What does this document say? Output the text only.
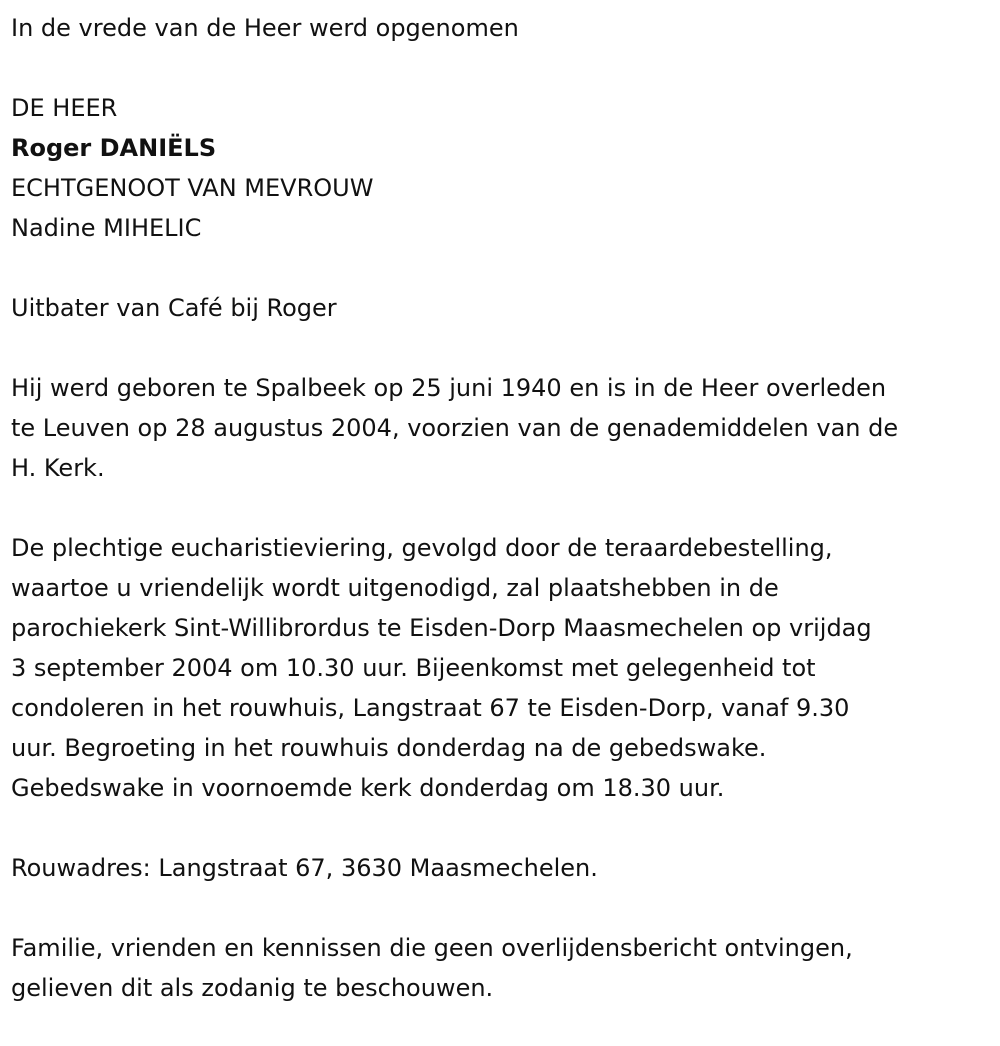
In de vrede van de Heer werd opgenomen

DE HEER

Roger DANIËLS

ECHTGENOOT VAN MEVROUW

Nadine MIHELIC

Uitbater van Café bij Roger

Hij werd geboren te Spalbeek op 25 juni 1940 en is in de Heer overleden
te Leuven op 28 augustus 2004, voorzien van de genademiddelen van de
H. Kerk.
De plechtige eucharistieviering, gevolgd door de teraardebestelling,
waartoe u vriendelijk wordt uitgenodigd, zal plaatshebben in de
parochiekerk Sint-Willibrordus te Eisden-Dorp Maasmechelen op vrijdag
3 september 2004 om 10.30 uur. Bijeenkomst met gelegenheid tot
condoleren in het rouwhuis, Langstraat 67 te Eisden-Dorp, vanaf 9.30
uur. Begroeting in het rouwhuis donderdag na de gebedswake.
Gebedswake in voornoemde kerk donderdag om 18.30 uur.

Rouwadres: Langstraat 67, 3630 Maasmechelen.

Familie, vrienden en kennissen die geen overlijdensbericht ontvingen,
gelieven dit als zodanig te beschouwen.
